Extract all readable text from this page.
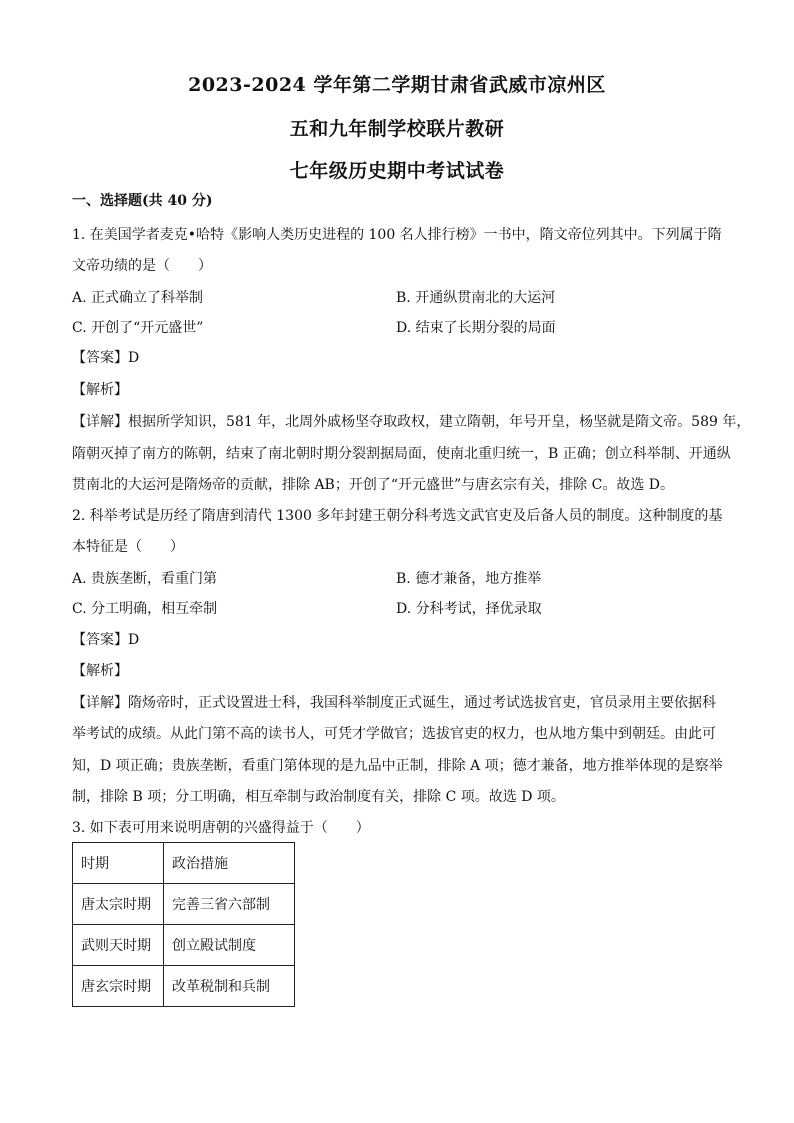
2023-2024 学年第二学期甘肃省武威市凉州区
五和九年制学校联片教研
七年级历史期中考试试卷
一、选择题(共 40 分)
1. 在美国学者麦克•哈特《影响人类历史进程的 100 名人排行榜》一书中，隋文帝位列其中。下列属于隋
文帝功绩的是（　　）
A. 正式确立了科举制	B. 开通纵贯南北的大运河
C. 开创了“开元盛世”	D. 结束了长期分裂的局面
【答案】D
【解析】
【详解】根据所学知识，581 年，北周外戚杨坚夺取政权，建立隋朝，年号开皇，杨坚就是隋文帝。589 年，
隋朝灭掉了南方的陈朝，结束了南北朝时期分裂割据局面，使南北重归统一，B 正确；创立科举制、开通纵
贯南北的大运河是隋炀帝的贡献，排除 AB；开创了“开元盛世”与唐玄宗有关，排除 C。故选 D。
2. 科举考试是历经了隋唐到清代 1300 多年封建王朝分科考选文武官吏及后备人员的制度。这种制度的基
本特征是（　　）
A. 贵族垄断，看重门第	B. 德才兼备，地方推举
C. 分工明确，相互牵制	D. 分科考试，择优录取
【答案】D
【解析】
【详解】隋炀帝时，正式设置进士科，我国科举制度正式诞生，通过考试选拔官吏，官员录用主要依据科
举考试的成绩。从此门第不高的读书人，可凭才学做官；选拔官吏的权力，也从地方集中到朝廷。由此可
知，D 项正确；贵族垄断，看重门第体现的是九品中正制，排除 A 项；德才兼备，地方推举体现的是察举
制，排除 B 项；分工明确，相互牵制与政治制度有关，排除 C 项。故选 D 项。
3. 如下表可用来说明唐朝的兴盛得益于（　　）
时期	政治措施
唐太宗时期	完善三省六部制
武则天时期	创立殿试制度
唐玄宗时期	改革税制和兵制
